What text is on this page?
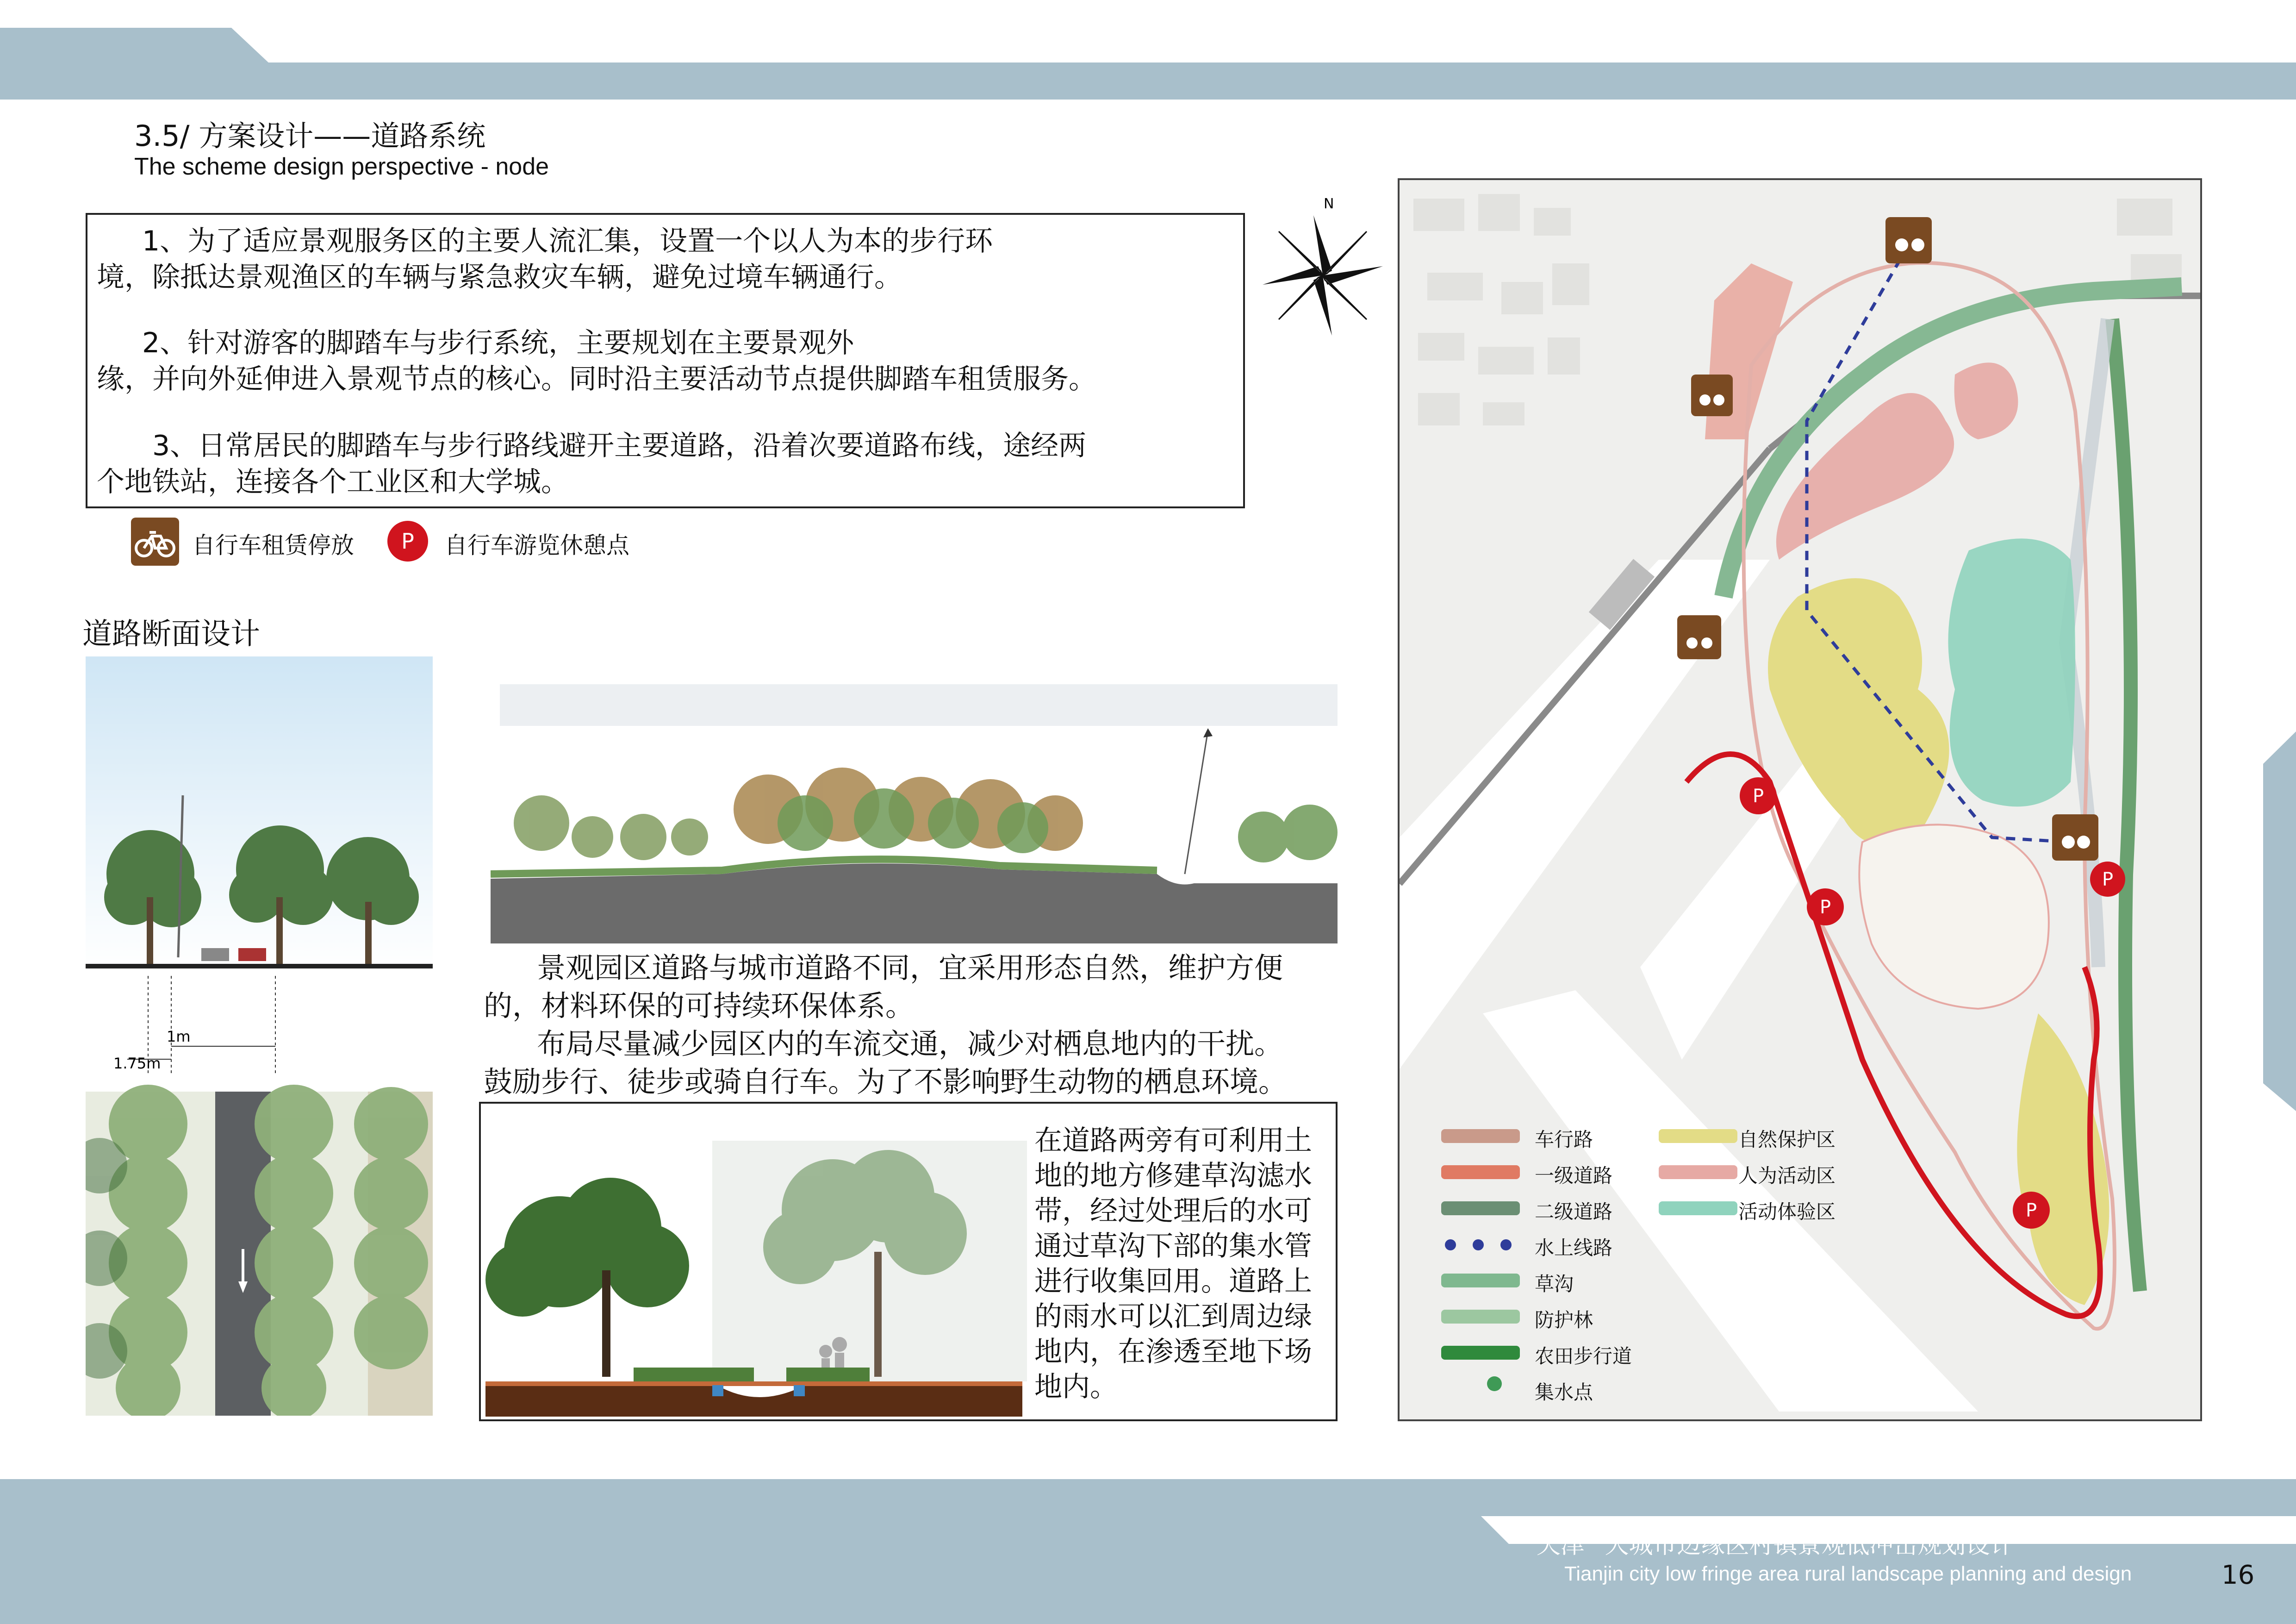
3.5/ 方案设计——道路系统
The scheme design perspective - node
1、为了适应景观服务区的主要人流汇集，设置一个以人为本的步行环
境，除抵达景观渔区的车辆与紧急救灾车辆，避免过境车辆通行。
2、针对游客的脚踏车与步行系统，主要规划在主要景观外
缘，并向外延伸进入景观节点的核心。同时沿主要活动节点提供脚踏车租赁服务。
3、日常居民的脚踏车与步行路线避开主要道路，沿着次要道路布线，途经两
个地铁站，连接各个工业区和大学城。
N
自行车租赁停放 P 自行车游览休憩点
道路断面设计
1m
1.75m
景观园区道路与城市道路不同，宜采用形态自然，维护方便
的，材料环保的可持续环保体系。
布局尽量减少园区内的车流交通，减少对栖息地内的干扰。
鼓励步行、徒步或骑自行车。为了不影响野生动物的栖息环境。
在道路两旁有可利用土
地的地方修建草沟滤水
带，经过处理后的水可
通过草沟下部的集水管
进行收集回用。道路上
的雨水可以汇到周边绿
地内，在渗透至地下场
地内。
P
P
P
P
车行路
一级道路
二级道路
水上线路
草沟
防护林
农田步行道
集水点
自然保护区
人为活动区
活动体验区
天津 “大城市边缘区村镇景观低冲击规划设计”
Tianjin city low fringe area rural landscape planning and design	16
